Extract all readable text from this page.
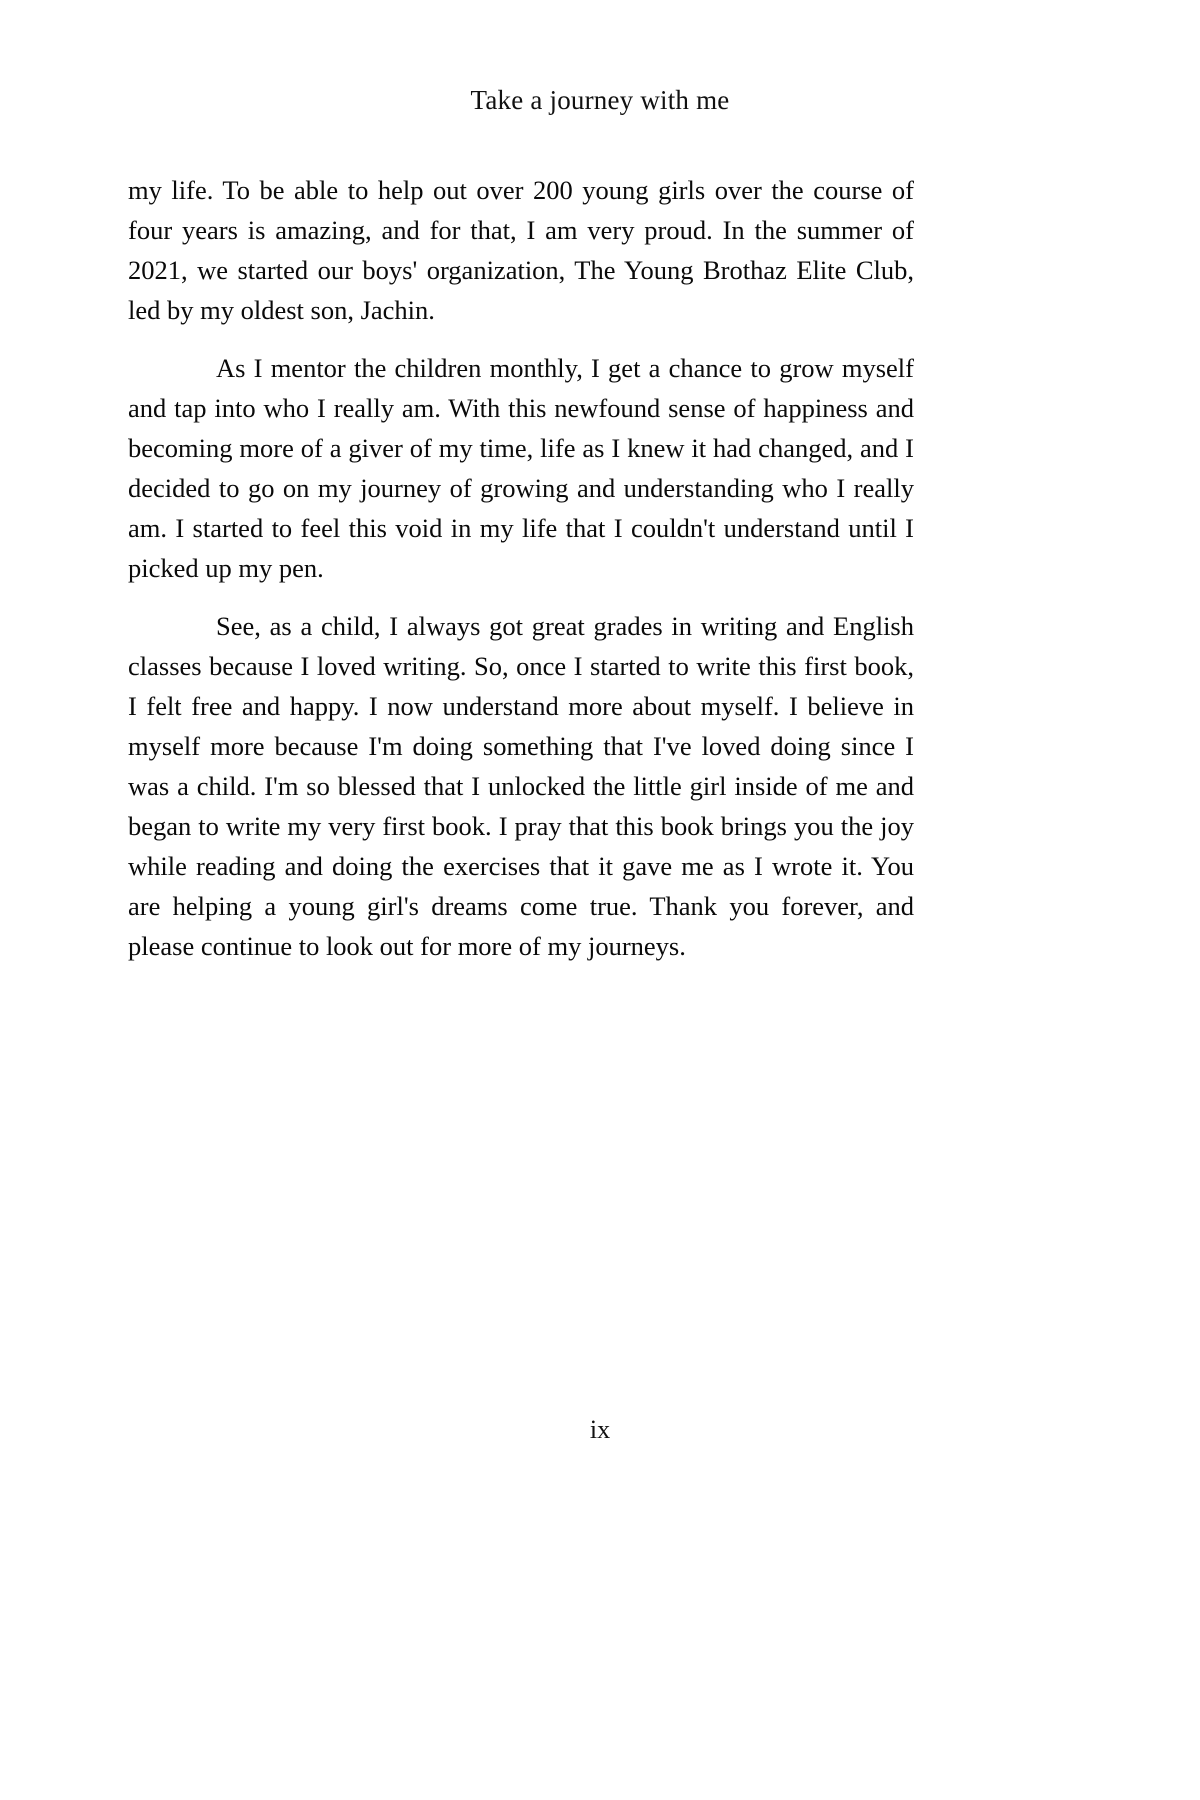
Take a journey with me

my life. To be able to help out over 200 young girls over the course of four years is amazing, and for that, I am very proud. In the summer of 2021, we started our boys' organization, The Young Brothaz Elite Club, led by my oldest son, Jachin.

As I mentor the children monthly, I get a chance to grow myself and tap into who I really am. With this newfound sense of happiness and becoming more of a giver of my time, life as I knew it had changed, and I decided to go on my journey of growing and understanding who I really am. I started to feel this void in my life that I couldn't understand until I picked up my pen.

See, as a child, I always got great grades in writing and English classes because I loved writing. So, once I started to write this first book, I felt free and happy. I now understand more about myself. I believe in myself more because I'm doing something that I've loved doing since I was a child. I'm so blessed that I unlocked the little girl inside of me and began to write my very first book. I pray that this book brings you the joy while reading and doing the exercises that it gave me as I wrote it. You are helping a young girl's dreams come true. Thank you forever, and please continue to look out for more of my journeys.

ix
